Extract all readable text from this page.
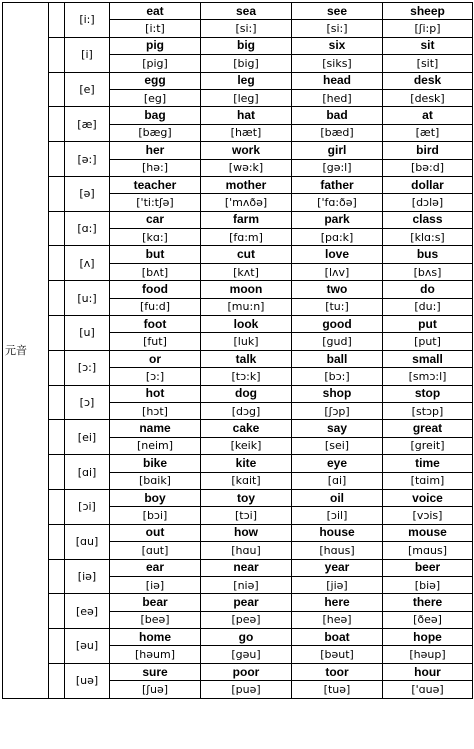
元音		[i:]	eat	sea	see	sheep
			[i:t]	[si:]	[si:]	[ʃi:p]
		[i]	pig	big	six	sit
			[pig]	[big]	[siks]	[sit]
		[e]	egg	leg	head	desk
			[eg]	[leg]	[hed]	[desk]
		[æ]	bag	hat	bad	at
			[bæg]	[hæt]	[bæd]	[æt]
		[ə:]	her	work	girl	bird
			[hə:]	[wə:k]	[gə:l]	[bə:d]
		[ə]	teacher	mother	father	dollar
			['ti:tʃə]	['mʌðə]	['fɑ:ðə]	[dɔlə]
		[ɑ:]	car	farm	park	class
			[kɑ:]	[fɑ:m]	[pɑ:k]	[klɑ:s]
		[ʌ]	but	cut	love	bus
			[bʌt]	[kʌt]	[lʌv]	[bʌs]
		[u:]	food	moon	two	do
			[fu:d]	[mu:n]	[tu:]	[du:]
		[u]	foot	look	good	put
			[fut]	[luk]	[gud]	[put]
		[ɔ:]	or	talk	ball	small
			[ɔ:]	[tɔ:k]	[bɔ:]	[smɔ:l]
		[ɔ]	hot	dog	shop	stop
			[hɔt]	[dɔg]	[ʃɔp]	[stɔp]
		[ei]	name	cake	say	great
			[neim]	[keik]	[sei]	[greit]
		[ɑi]	bike	kite	eye	time
			[bɑik]	[kɑit]	[ɑi]	[tɑim]
		[ɔi]	boy	toy	oil	voice
			[bɔi]	[tɔi]	[ɔil]	[vɔis]
		[ɑu]	out	how	house	mouse
			[ɑut]	[hɑu]	[hɑus]	[mɑus]
		[iə]	ear	near	year	beer
			[iə]	[niə]	[jiə]	[biə]
		[eə]	bear	pear	here	there
			[beə]	[peə]	[heə]	[ðeə]
		[əu]	home	go	boat	hope
			[həum]	[gəu]	[bəut]	[həup]
		[uə]	sure	poor	toor	hour
			[ʃuə]	[puə]	[tuə]	['ɑuə]
